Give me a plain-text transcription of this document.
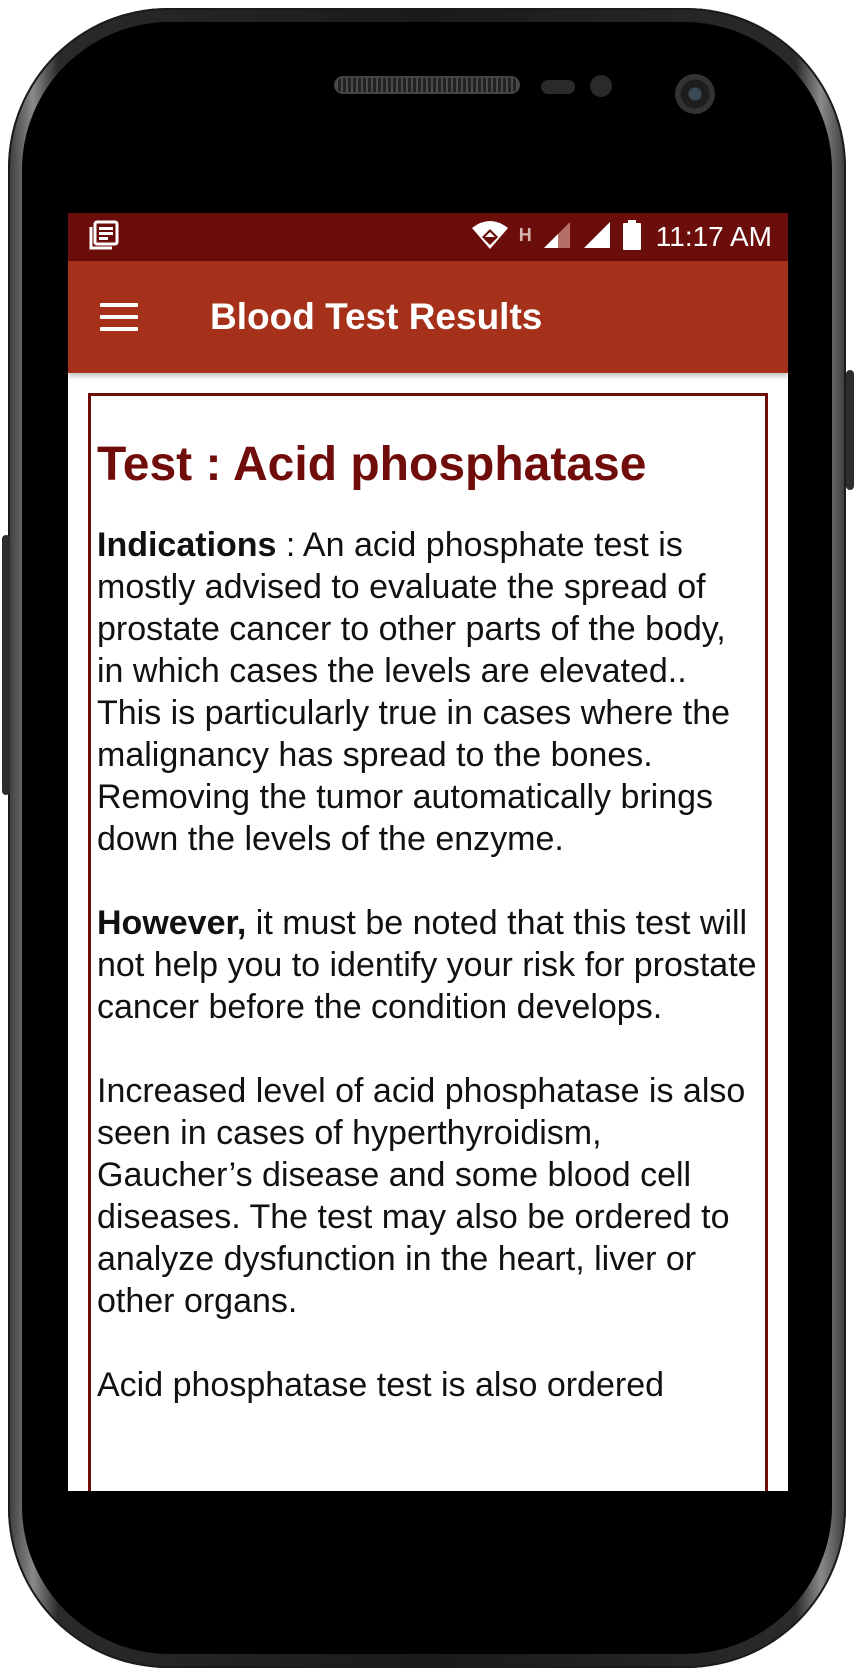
H	11:17 AM
Blood Test Results
Test : Acid phosphatase

Indications : An acid phosphate test is mostly advised to evaluate the spread of prostate cancer to other parts of the body, in which cases the levels are elevated.. This is particularly true in cases where the malignancy has spread to the bones. Removing the tumor automatically brings down the levels of the enzyme.

However, it must be noted that this test will not help you to identify your risk for prostate cancer before the condition develops.

Increased level of acid phosphatase is also seen in cases of hyperthyroidism, Gaucher’s disease and some blood cell diseases. The test may also be ordered to analyze dysfunction in the heart, liver or other organs.

Acid phosphatase test is also ordered
